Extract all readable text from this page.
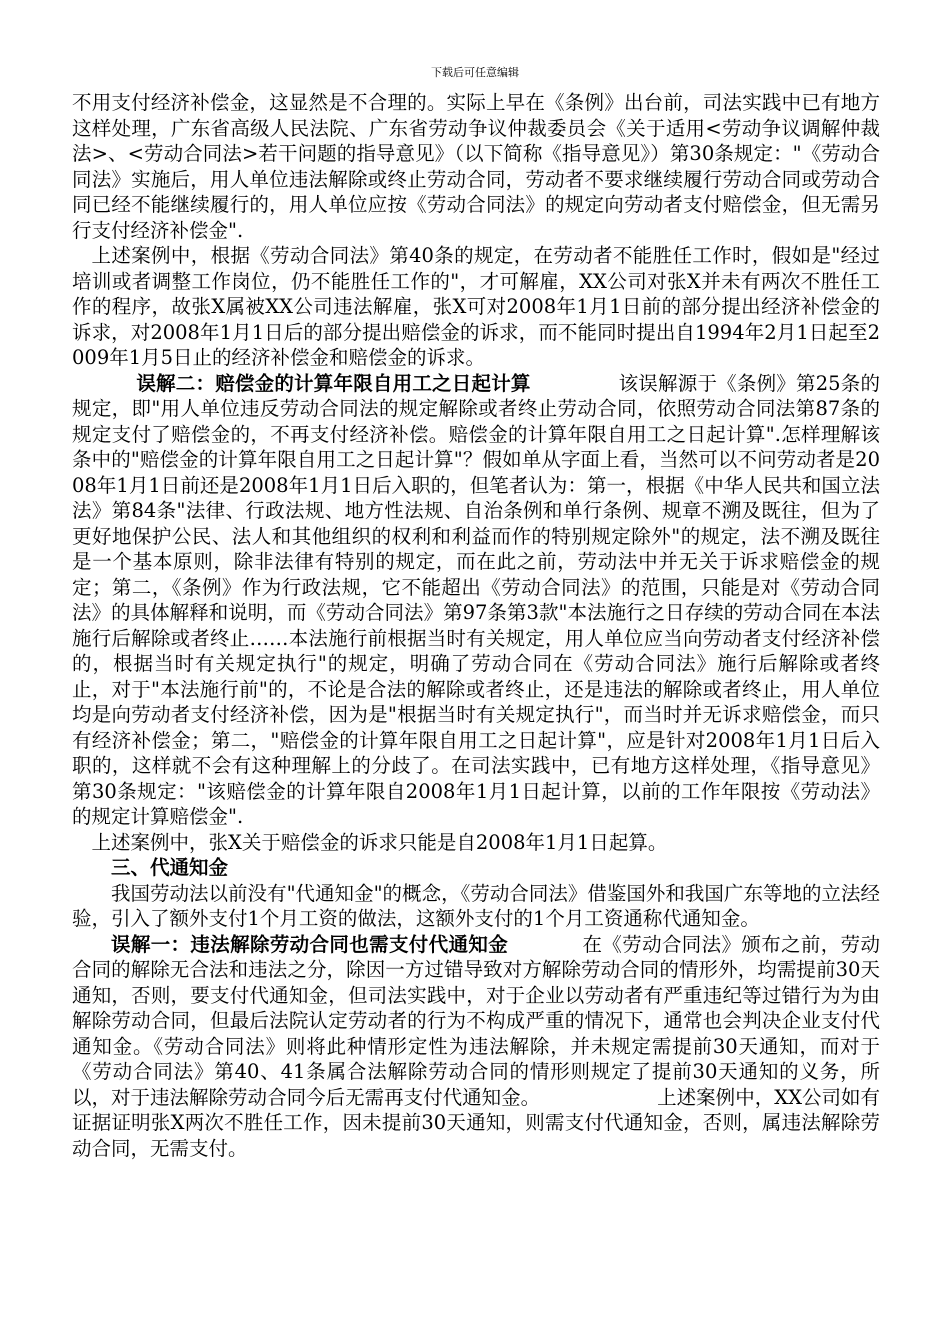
下载后可任意编辑

不用支付经济补偿金，这显然是不合理的。实际上早在《条例》出台前，司法实践中已有地方这样处理，广东省高级人民法院、广东省劳动争议仲裁委员会《关于适用<劳动争议调解仲裁法>、<劳动合同法>若干问题的指导意见》（以下简称《指导意见》）第30条规定："《劳动合同法》实施后，用人单位违法解除或终止劳动合同，劳动者不要求继续履行劳动合同或劳动合同已经不能继续履行的，用人单位应按《劳动合同法》的规定向劳动者支付赔偿金，但无需另行支付经济补偿金".

上述案例中，根据《劳动合同法》第40条的规定，在劳动者不能胜任工作时，假如是"经过培训或者调整工作岗位，仍不能胜任工作的"，才可解雇，XX公司对张X并未有两次不胜任工作的程序，故张X属被XX公司违法解雇，张X可对2008年1月1日前的部分提出经济补偿金的诉求，对2008年1月1日后的部分提出赔偿金的诉求，而不能同时提出自1994年2月1日起至2009年1月5日止的经济补偿金和赔偿金的诉求。

误解二：赔偿金的计算年限自用工之日起计算	该误解源于《条例》第25条的规定，即"用人单位违反劳动合同法的规定解除或者终止劳动合同，依照劳动合同法第87条的规定支付了赔偿金的，不再支付经济补偿。赔偿金的计算年限自用工之日起计算".怎样理解该条中的"赔偿金的计算年限自用工之日起计算"？假如单从字面上看，当然可以不问劳动者是2008年1月1日前还是2008年1月1日后入职的，但笔者认为：第一，根据《中华人民共和国立法法》第84条"法律、行政法规、地方性法规、自治条例和单行条例、规章不溯及既往，但为了更好地保护公民、法人和其他组织的权利和利益而作的特别规定除外"的规定，法不溯及既往是一个基本原则，除非法律有特别的规定，而在此之前，劳动法中并无关于诉求赔偿金的规定；第二，《条例》作为行政法规，它不能超出《劳动合同法》的范围，只能是对《劳动合同法》的具体解释和说明，而《劳动合同法》第97条第3款"本法施行之日存续的劳动合同在本法施行后解除或者终止……本法施行前根据当时有关规定，用人单位应当向劳动者支付经济补偿的，根据当时有关规定执行"的规定，明确了劳动合同在《劳动合同法》施行后解除或者终止，对于"本法施行前"的，不论是合法的解除或者终止，还是违法的解除或者终止，用人单位均是向劳动者支付经济补偿，因为是"根据当时有关规定执行"，而当时并无诉求赔偿金，而只有经济补偿金；第二，"赔偿金的计算年限自用工之日起计算"，应是针对2008年1月1日后入职的，这样就不会有这种理解上的分歧了。在司法实践中，已有地方这样处理，《指导意见》第30条规定："该赔偿金的计算年限自2008年1月1日起计算，以前的工作年限按《劳动法》的规定计算赔偿金".

上述案例中，张X关于赔偿金的诉求只能是自2008年1月1日起算。

三、代通知金

我国劳动法以前没有"代通知金"的概念，《劳动合同法》借鉴国外和我国广东等地的立法经验，引入了额外支付1个月工资的做法，这额外支付的1个月工资通称代通知金。

误解一：违法解除劳动合同也需支付代通知金	在《劳动合同法》颁布之前，劳动合同的解除无合法和违法之分，除因一方过错导致对方解除劳动合同的情形外，均需提前30天通知，否则，要支付代通知金，但司法实践中，对于企业以劳动者有严重违纪等过错行为为由解除劳动合同，但最后法院认定劳动者的行为不构成严重的情况下，通常也会判决企业支付代通知金。《劳动合同法》则将此种情形定性为违法解除，并未规定需提前30天通知，而对于《劳动合同法》第40、41条属合法解除劳动合同的情形则规定了提前30天通知的义务，所以，对于违法解除劳动合同今后无需再支付代通知金。	上述案例中，XX公司如有证据证明张X两次不胜任工作，因未提前30天通知，则需支付代通知金，否则，属违法解除劳动合同，无需支付。
